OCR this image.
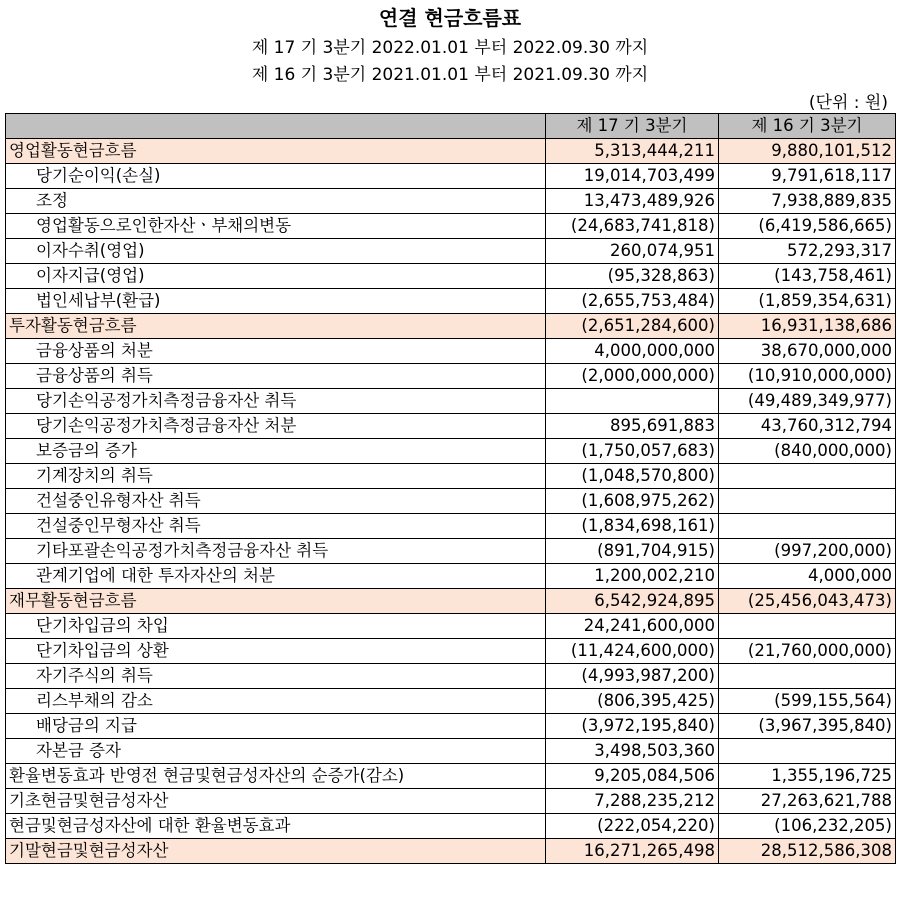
연결 현금흐름표
제 17 기 3분기 2022.01.01 부터 2022.09.30 까지
제 16 기 3분기 2021.01.01 부터 2021.09.30 까지
(단위 : 원)
	제 17 기 3분기	제 16 기 3분기
영업활동현금흐름	5,313,444,211	9,880,101,512
당기순이익(손실)	19,014,703,499	9,791,618,117
조정	13,473,489,926	7,938,889,835
영업활동으로인한자산ㆍ부채의변동	(24,683,741,818)	(6,419,586,665)
이자수취(영업)	260,074,951	572,293,317
이자지급(영업)	(95,328,863)	(143,758,461)
법인세납부(환급)	(2,655,753,484)	(1,859,354,631)
투자활동현금흐름	(2,651,284,600)	16,931,138,686
금융상품의 처분	4,000,000,000	38,670,000,000
금융상품의 취득	(2,000,000,000)	(10,910,000,000)
당기손익공정가치측정금융자산 취득		(49,489,349,977)
당기손익공정가치측정금융자산 처분	895,691,883	43,760,312,794
보증금의 증가	(1,750,057,683)	(840,000,000)
기계장치의 취득	(1,048,570,800)	
건설중인유형자산 취득	(1,608,975,262)	
건설중인무형자산 취득	(1,834,698,161)	
기타포괄손익공정가치측정금융자산 취득	(891,704,915)	(997,200,000)
관계기업에 대한 투자자산의 처분	1,200,002,210	4,000,000
재무활동현금흐름	6,542,924,895	(25,456,043,473)
단기차입금의 차입	24,241,600,000	
단기차입금의 상환	(11,424,600,000)	(21,760,000,000)
자기주식의 취득	(4,993,987,200)	
리스부채의 감소	(806,395,425)	(599,155,564)
배당금의 지급	(3,972,195,840)	(3,967,395,840)
자본금 증자	3,498,503,360	
환율변동효과 반영전 현금및현금성자산의 순증가(감소)	9,205,084,506	1,355,196,725
기초현금및현금성자산	7,288,235,212	27,263,621,788
현금및현금성자산에 대한 환율변동효과	(222,054,220)	(106,232,205)
기말현금및현금성자산	16,271,265,498	28,512,586,308
